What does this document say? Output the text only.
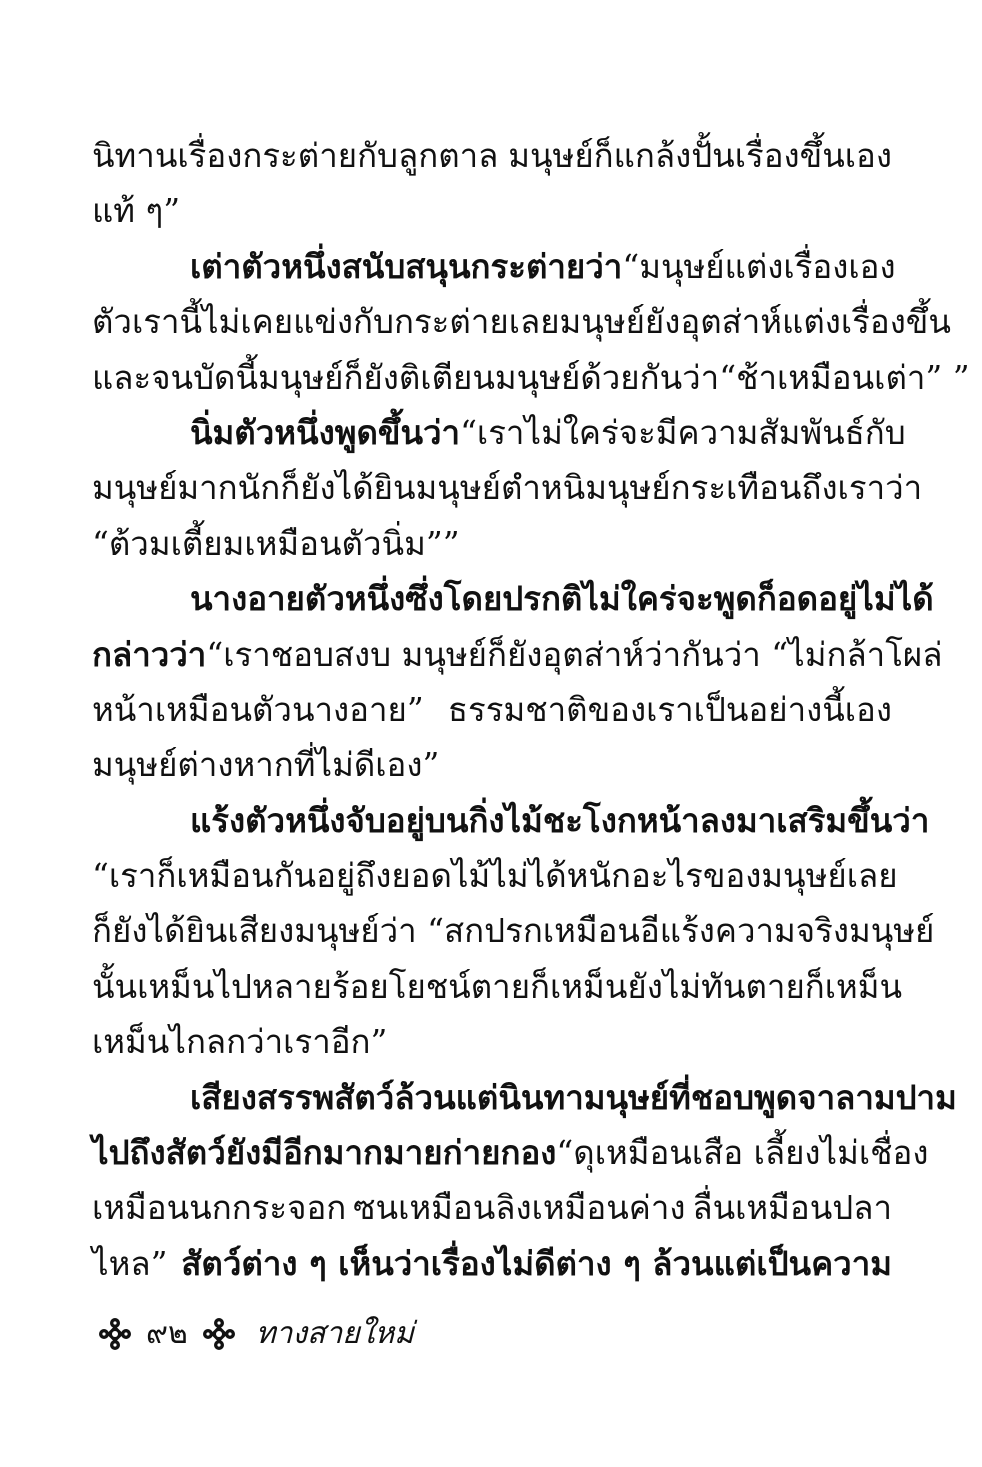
นิทานเรื่องกระต่ายกับลูกตาล มนุษย์ก็แกล้งปั้นเรื่องขึ้นเอง
แท้ ๆ”
เต่าตัวหนึ่งสนับสนุนกระต่ายว่า “มนุษย์แต่งเรื่องเอง
ตัวเรานี้ไม่เคยแข่งกับกระต่ายเลย มนุษย์ยังอุตส่าห์แต่งเรื่องขึ้น
และจนบัดนี้มนุษย์ก็ยังติเตียนมนุษย์ด้วยกันว่า “ช้าเหมือนเต่า” ”
นิ่มตัวหนึ่งพูดขึ้นว่า “เราไม่ใคร่จะมีความสัมพันธ์กับ
มนุษย์มากนัก ก็ยังได้ยินมนุษย์ตำหนิมนุษย์กระเทือนถึงเราว่า
“ต้วมเตี้ยมเหมือนตัวนิ่ม””
นางอายตัวหนึ่งซึ่งโดยปรกติไม่ใคร่จะพูด ก็อดอยู่ไม่ได้
กล่าวว่า “เราชอบสงบ มนุษย์ก็ยังอุตส่าห์ว่ากันว่า “ไม่กล้าโผล่
หน้าเหมือนตัวนางอาย” ธรรมชาติของเราเป็นอย่างนี้เอง
มนุษย์ต่างหากที่ไม่ดีเอง”
แร้งตัวหนึ่งจับอยู่บนกิ่งไม้ชะโงกหน้าลงมาเสริมขึ้นว่า
“เราก็เหมือนกัน อยู่ถึงยอดไม้ไม่ได้หนักอะไรของมนุษย์เลย
ก็ยังได้ยินเสียงมนุษย์ว่า “สกปรกเหมือนอีแร้ง ความจริงมนุษย์
นั้นเหม็นไปหลายร้อยโยชน์ ตายก็เหม็น ยังไม่ทันตายก็เหม็น
เหม็นไกลกว่าเราอีก”
เสียงสรรพสัตว์ล้วนแต่นินทามนุษย์ที่ชอบพูดจาลามปาม
ไปถึงสัตว์ยังมีอีกมากมายก่ายกอง “ดุเหมือนเสือ เลี้ยงไม่เชื่อง
เหมือนนกกระจอก ซนเหมือนลิงเหมือนค่าง ลื่นเหมือนปลา
ไหล” สัตว์ต่าง ๆ เห็นว่าเรื่องไม่ดีต่าง ๆ ล้วนแต่เป็นความ
๙๒ ทางสายใหม่
